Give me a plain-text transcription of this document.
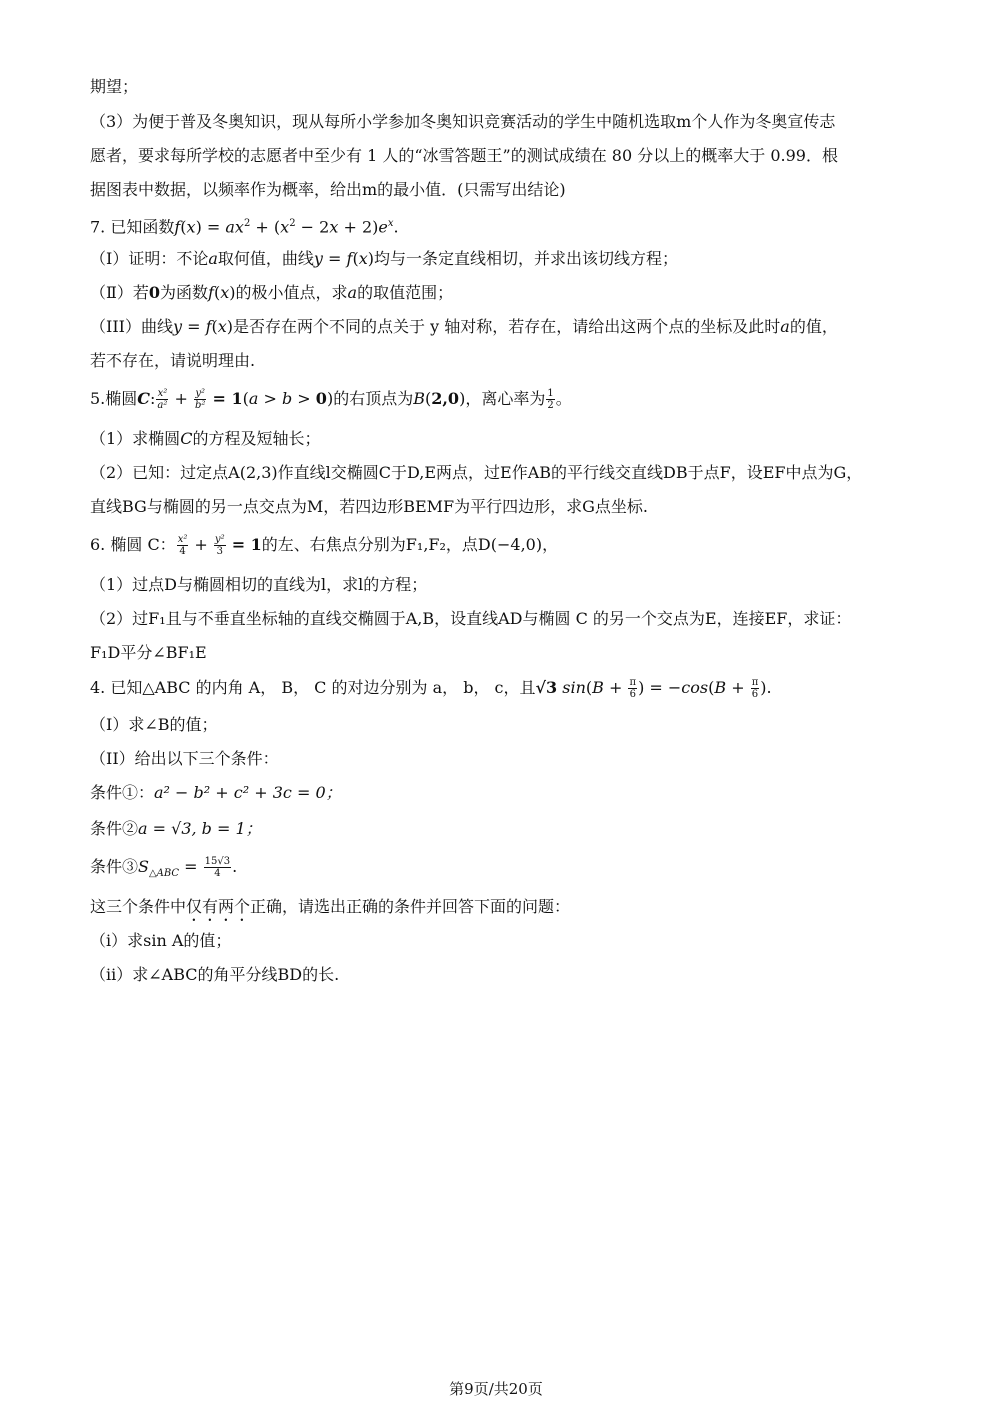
期望；
（3）为便于普及冬奥知识，现从每所小学参加冬奥知识竞赛活动的学生中随机选取m个人作为冬奥宣传志
愿者，要求每所学校的志愿者中至少有 1 人的“冰雪答题王”的测试成绩在 80 分以上的概率大于 0.99．根
据图表中数据，以频率作为概率，给出m的最小值．(只需写出结论)
7. 已知函数$f(x) = ax^2 + (x^2 - 2x + 2)e^x$.
（Ⅰ）证明：不论a取何值，曲线y = f(x)均与一条定直线相切，并求出该切线方程；
（Ⅱ）若0为函数f(x)的极小值点，求a的取值范围；
（III）曲线y = f(x)是否存在两个不同的点关于 y 轴对称，若存在，请给出这两个点的坐标及此时a的值，
若不存在，请说明理由.
5.椭圆C: $\frac{\text{x²}}{\text{a²}} + \frac{\text{y²}}{\text{b²}} = 1(a > b > 0)$的右顶点为B(2,0)，离心率为 $\frac{1}{2}$ 。
（1）求椭圆C的方程及短轴长；
（2）已知：过定点A(2,3)作直线l交椭圆C于D,E两点，过E作AB的平行线交直线DB于点F，设EF中点为G，
直线BG与椭圆的另一点交点为M，若四边形BEMF为平行四边形，求G点坐标.
6. 椭圆 C： $\frac{\text{x²}}{4} + \frac{\text{y²}}{3} = 1$的左、右焦点分别为F₁,F₂，点D(−4,0)，
（1）过点D与椭圆相切的直线为l，求l的方程；
（2）过F₁且与不垂直坐标轴的直线交椭圆于A,B，设直线AD与椭圆 C 的另一个交点为E，连接EF，求证：
F₁D平分∠BF₁E
4. 已知△ABC 的内角 A， B， C 的对边分别为 a， b， c，且√3 $\sin(B + \frac{\pi}{6}$ ) = $-\cos(B + \frac{\pi}{6}$ ).
（I）求∠B的值；
（II）给出以下三个条件：
条件①：a² − b² + c² + 3c = 0；
条件②a = √3, b = 1；
条件$③S_{\triangle ABC} = \frac{15√3}{4}$ .
这三个条件中仅有两个正确，请选出正确的条件并回答下面的问题：
（i）求sin A的值；
（ii）求∠ABC的角平分线BD的长.
第9页/共20页
